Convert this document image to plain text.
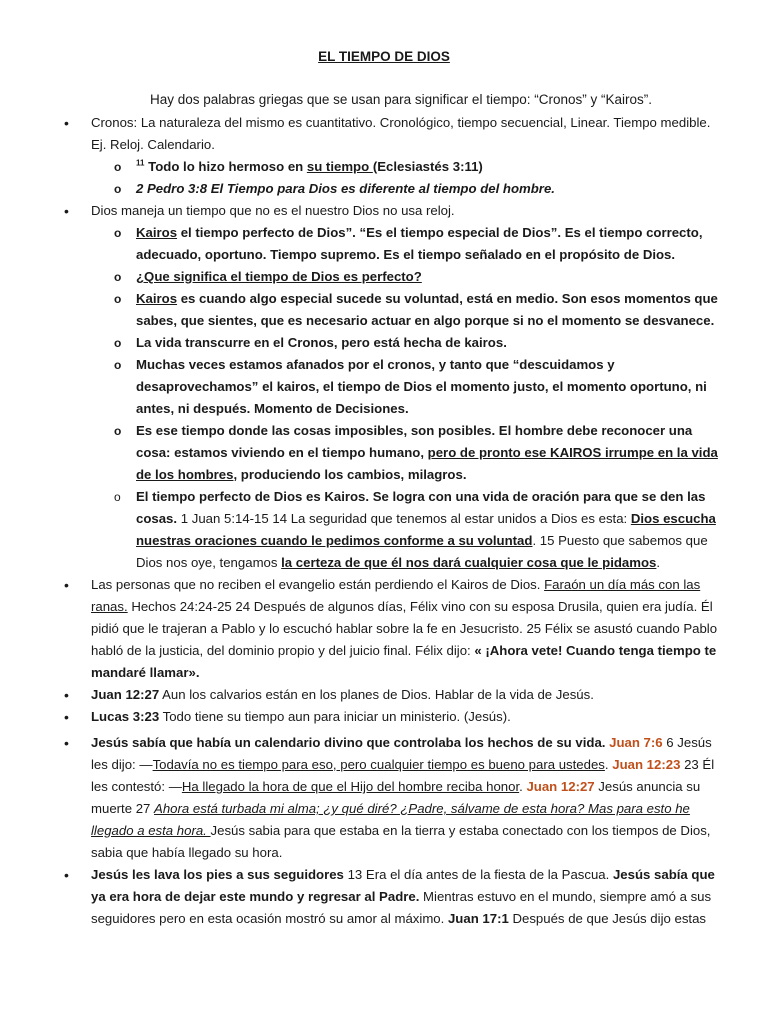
EL TIEMPO DE DIOS
Hay dos palabras griegas que se usan para significar el tiempo: “Cronos” y “Kairos”.

• Cronos: La naturaleza del mismo es cuantitativo. Cronológico, tiempo secuencial, Linear. Tiempo medible. Ej. Reloj. Calendario.

o $^{11}$ Todo lo hizo hermoso en su tiempo (Eclesiastés 3:11)

o 2 Pedro 3:8 El Tiempo para Dios es diferente al tiempo del hombre.

• Dios maneja un tiempo que no es el nuestro Dios no usa reloj.

o Kairos el tiempo perfecto de Dios”. “Es el tiempo especial de Dios”. Es el tiempo correcto, adecuado, oportuno. Tiempo supremo. Es el tiempo señalado en el propósito de Dios.

o ¿Que significa el tiempo de Dios es perfecto?

o Kairos es cuando algo especial sucede su voluntad, está en medio. Son esos momentos que sabes, que sientes, que es necesario actuar en algo porque si no el momento se desvanece.

o La vida transcurre en el Cronos, pero está hecha de kairos.

o Muchas veces estamos afanados por el cronos, y tanto que “descuidamos y desaprovechamos” el kairos, el tiempo de Dios el momento justo, el momento oportuno, ni antes, ni después. Momento de Decisiones.

o Es ese tiempo donde las cosas imposibles, son posibles. El hombre debe reconocer una cosa: estamos viviendo en el tiempo humano, pero de pronto ese KAIROS irrumpe en la vida de los hombres, produciendo los cambios, milagros.

o El tiempo perfecto de Dios es Kairos. Se logra con una vida de oración para que se den las cosas. 1 Juan 5:14-15 14 La seguridad que tenemos al estar unidos a Dios es esta: Dios escucha nuestras oraciones cuando le pedimos conforme a su voluntad. 15 Puesto que sabemos que Dios nos oye, tengamos la certeza de que él nos dará cualquier cosa que le pidamos.

• Las personas que no reciben el evangelio están perdiendo el Kairos de Dios. Faraón un día más con las ranas. Hechos 24:24-25 24 Después de algunos días, Félix vino con su esposa Drusila, quien era judía. Él pidió que le trajeran a Pablo y lo escuchó hablar sobre la fe en Jesucristo. 25 Félix se asustó cuando Pablo habló de la justicia, del dominio propio y del juicio final. Félix dijo: « ¡Ahora vete! Cuando tenga tiempo te mandaré llamar».

• Juan 12:27 Aun los calvarios están en los planes de Dios. Hablar de la vida de Jesús.

• Lucas 3:23 Todo tiene su tiempo aun para iniciar un ministerio. (Jesús).

• Jesús sabía que había un calendario divino que controlaba los hechos de su vida. Juan 7:6 6 Jesús les dijo: —Todavía no es tiempo para eso, pero cualquier tiempo es bueno para ustedes. Juan 12:23 23 Él les contestó: —Ha llegado la hora de que el Hijo del hombre reciba honor. Juan 12:27 Jesús anuncia su muerte 27 Ahora está turbada mi alma; ¿y qué diré? ¿Padre, sálvame de esta hora? Mas para esto he llegado a esta hora. Jesús sabia para que estaba en la tierra y estaba conectado con los tiempos de Dios, sabia que había llegado su hora.

• Jesús les lava los pies a sus seguidores 13 Era el día antes de la fiesta de la Pascua. Jesús sabía que ya era hora de dejar este mundo y regresar al Padre. Mientras estuvo en el mundo, siempre amó a sus seguidores pero en esta ocasión mostró su amor al máximo. Juan 17:1 Después de que Jesús dijo estas
